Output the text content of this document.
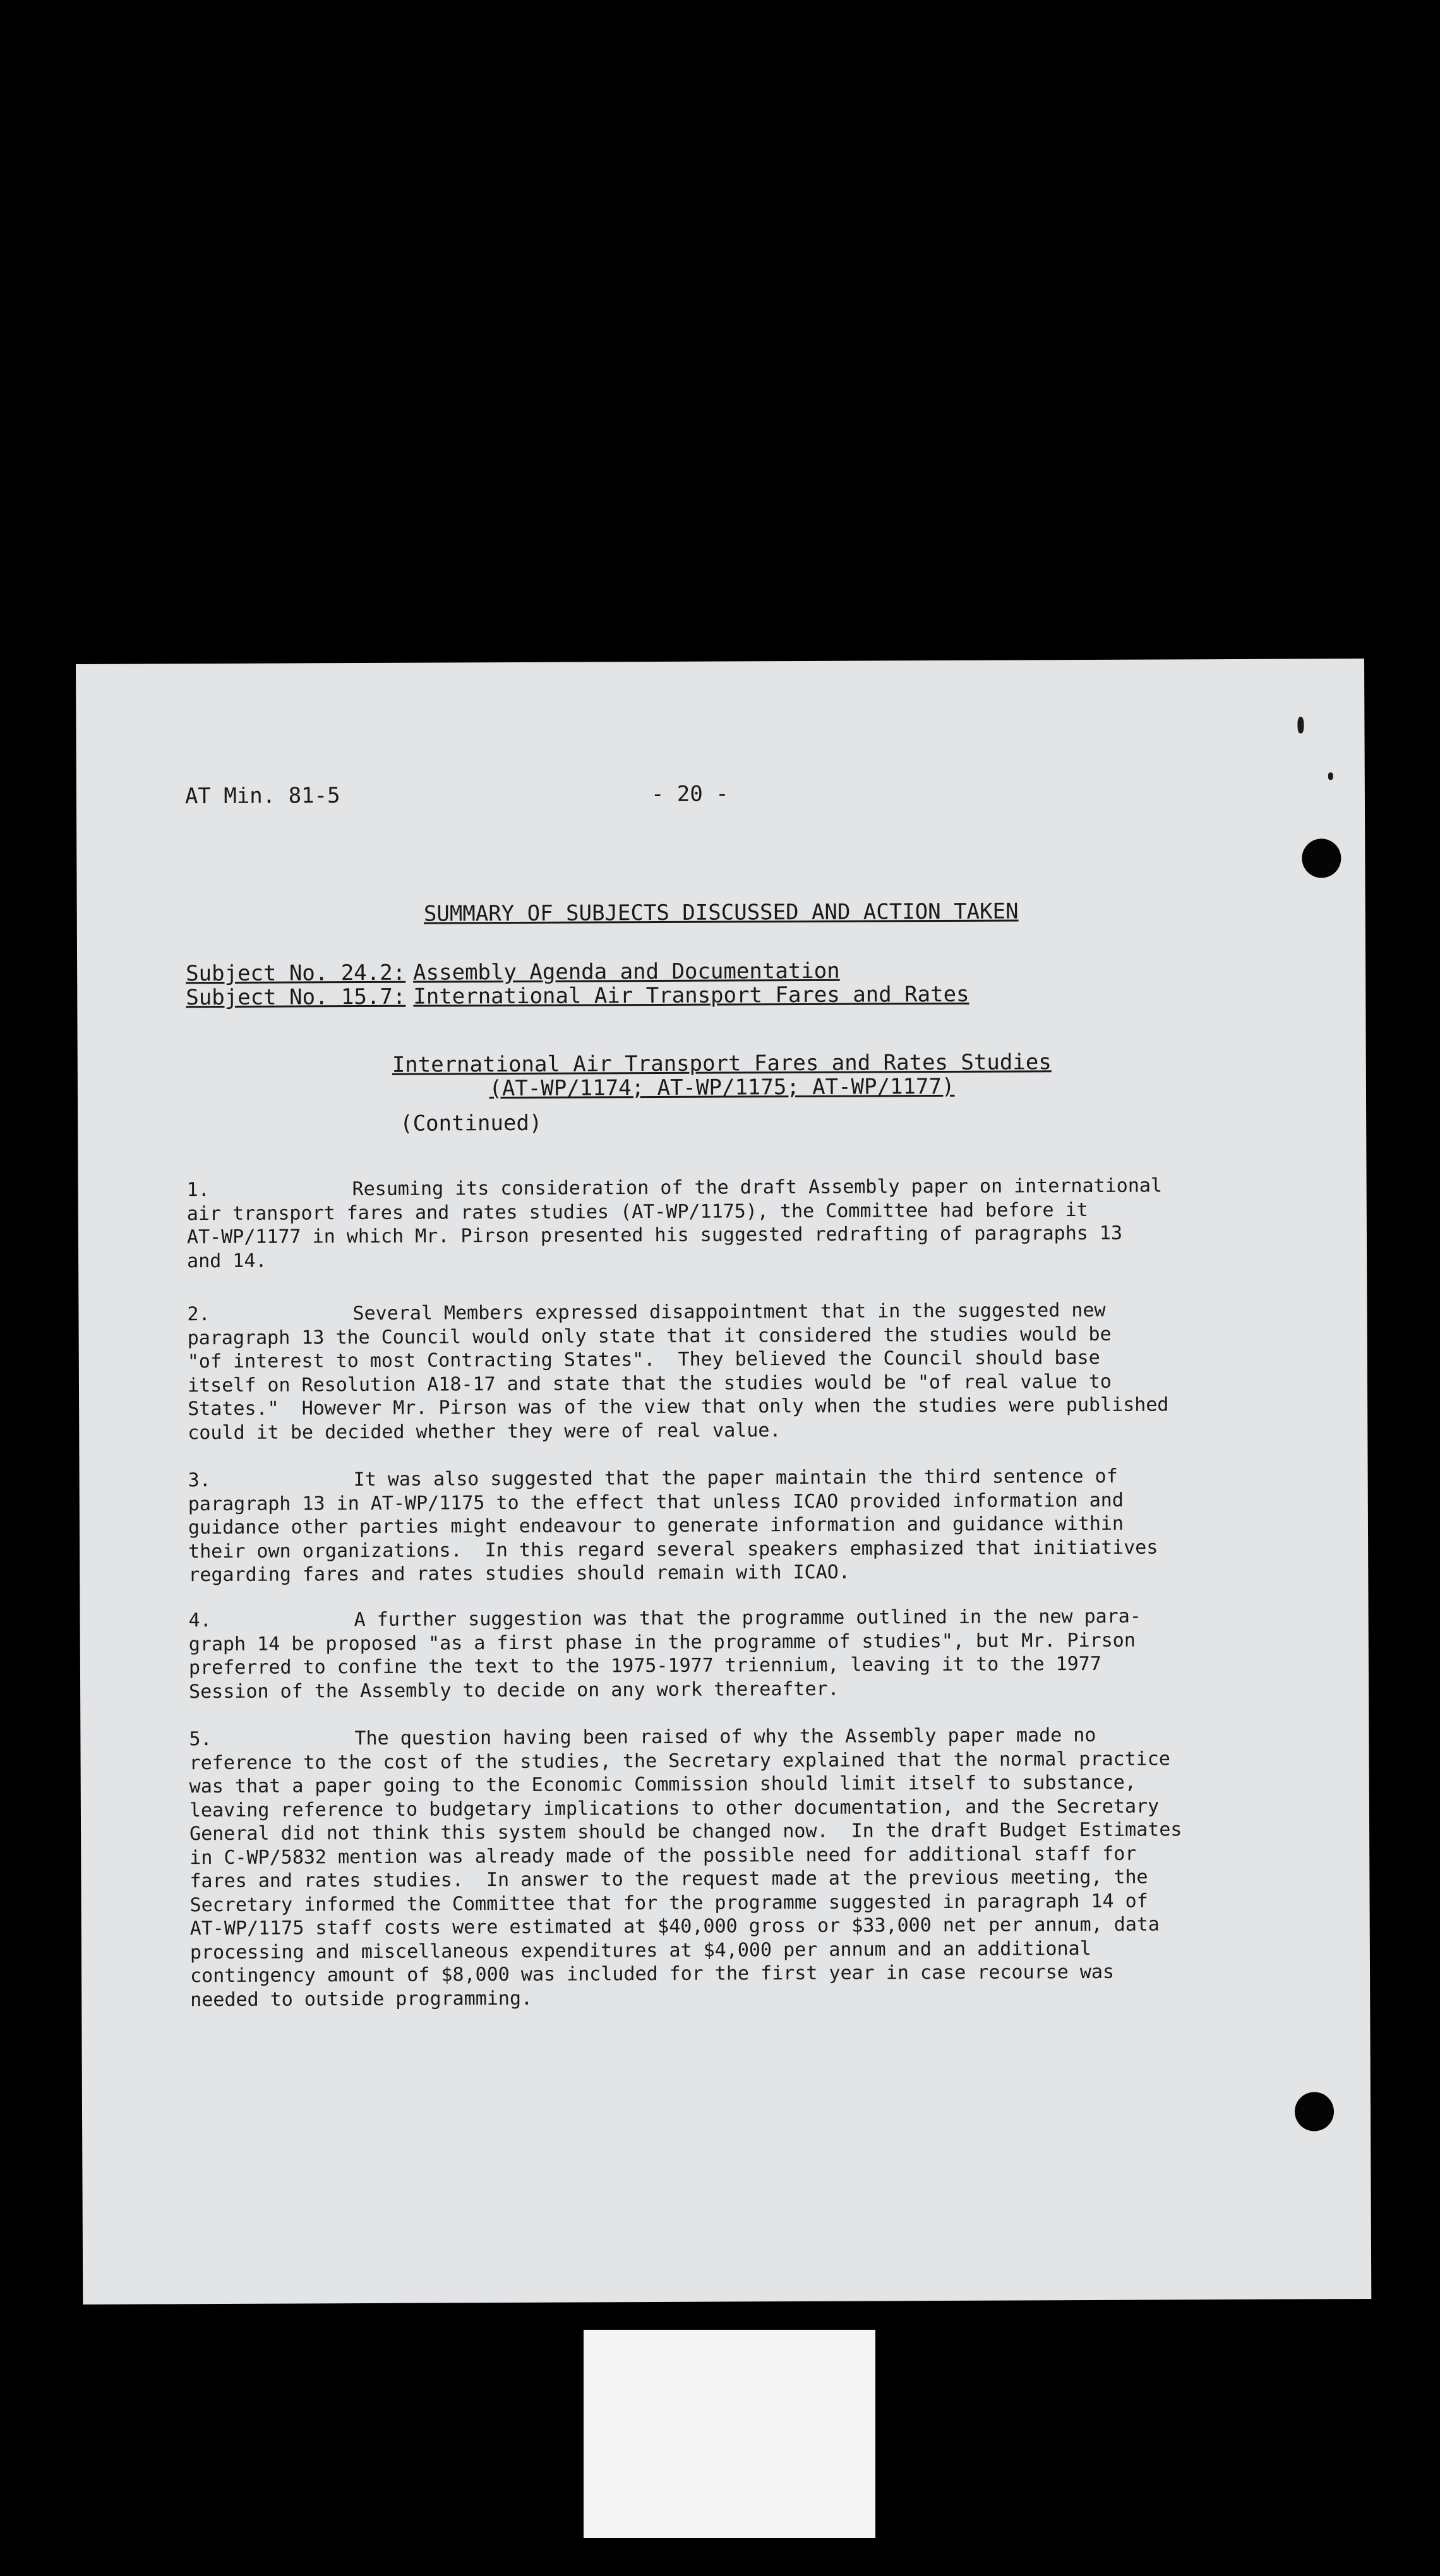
AT Min. 81-5	- 20 -
SUMMARY OF SUBJECTS DISCUSSED AND ACTION TAKEN
Subject No. 24.2: Assembly Agenda and Documentation
Subject No. 15.7: International Air Transport Fares and Rates
International Air Transport Fares and Rates Studies
(AT-WP/1174; AT-WP/1175; AT-WP/1177)
(Continued)
1.	Resuming its consideration of the draft Assembly paper on international
air transport fares and rates studies (AT-WP/1175), the Committee had before it
AT-WP/1177 in which Mr. Pirson presented his suggested redrafting of paragraphs 13
and 14.
2.	Several Members expressed disappointment that in the suggested new
paragraph 13 the Council would only state that it considered the studies would be
"of interest to most Contracting States".  They believed the Council should base
itself on Resolution A18-17 and state that the studies would be "of real value to
States."  However Mr. Pirson was of the view that only when the studies were published
could it be decided whether they were of real value.
3.	It was also suggested that the paper maintain the third sentence of
paragraph 13 in AT-WP/1175 to the effect that unless ICAO provided information and
guidance other parties might endeavour to generate information and guidance within
their own organizations.  In this regard several speakers emphasized that initiatives
regarding fares and rates studies should remain with ICAO.
4.	A further suggestion was that the programme outlined in the new para-
graph 14 be proposed "as a first phase in the programme of studies", but Mr. Pirson
preferred to confine the text to the 1975-1977 triennium, leaving it to the 1977
Session of the Assembly to decide on any work thereafter.
5.	The question having been raised of why the Assembly paper made no
reference to the cost of the studies, the Secretary explained that the normal practice
was that a paper going to the Economic Commission should limit itself to substance,
leaving reference to budgetary implications to other documentation, and the Secretary
General did not think this system should be changed now.  In the draft Budget Estimates
in C-WP/5832 mention was already made of the possible need for additional staff for
fares and rates studies.  In answer to the request made at the previous meeting, the
Secretary informed the Committee that for the programme suggested in paragraph 14 of
AT-WP/1175 staff costs were estimated at $40,000 gross or $33,000 net per annum, data
processing and miscellaneous expenditures at $4,000 per annum and an additional
contingency amount of $8,000 was included for the first year in case recourse was
needed to outside programming.
